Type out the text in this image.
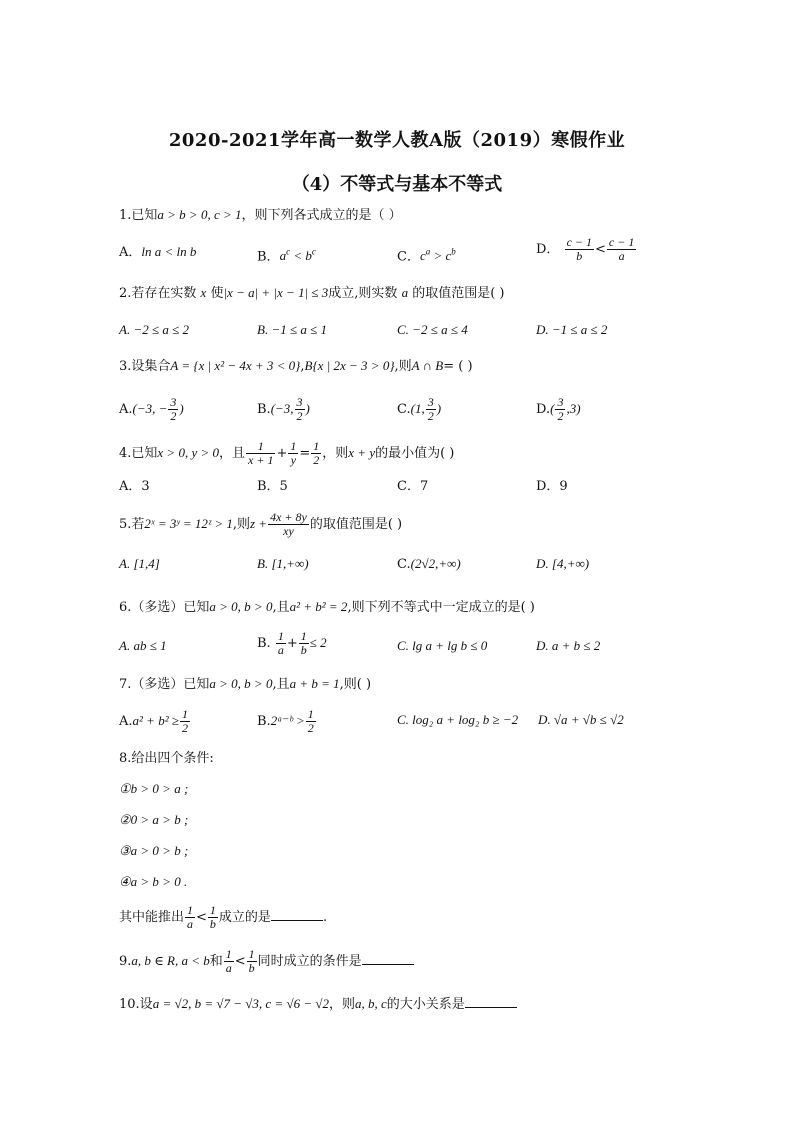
2020-2021学年高一数学人教A版（2019）寒假作业
（4）不等式与基本不等式
1.已知a > b > 0, c > 1，则下列各式成立的是（ ）
A．ln a < ln b	B．$a^c < b^c$	C．$c^a > c^b$	D． $\frac{c - 1}{b} < \frac{c - 1}{a}$
2.若存在实数 x 使|x − a| + |x − 1| ≤ 3成立,则实数 a 的取值范围是( )
A. −2 ≤ a ≤ 2	B. −1 ≤ a ≤ 1	C. −2 ≤ a ≤ 4	D. −1 ≤ a ≤ 2
3.设集合A = {x | x² − 4x + 3 < 0},B{x | 2x − 3 > 0},则A ∩ B= ( )
A.(−3, − $\frac{3}{2}$ )	B.(−3, $\frac{3}{2}$ )	C.(1, $\frac{3}{2}$ )	$D.( \frac{3}{2} ,3)$
4.已知x > 0, y > 0，且 $\frac{1}{x + 1} + \frac{1}{y} = \frac{1}{2}$ ，则x + y的最小值为( )
A．3	B．5	C．7	D．9
5.若2ˣ = 3ʸ = 12ᶻ > 1,则$z + \frac{4x + 8y}{xy}$ 的取值范围是( )
A. [1,4]	B. [1,+∞)	C.(2√2,+∞)	D. [4,+∞)
6.（多选）已知a > 0, b > 0,且a² + b² = 2,则下列不等式中一定成立的是( )
A. ab ≤ 1	B. $\frac{1}{a} + \frac{1}{b} \le 2$	C. lg a + lg b ≤ 0	D. a + b ≤ 2
7.（多选）已知a > 0, b > 0,且a + b = 1,则( )
$A.a^2 + b^2 \ge \frac{1}{2}$	B.2ᵃ⁻ᵇ > $\frac{1}{2}$	C. log₂ a + log₂ b ≥ −2 D. √a + √b ≤ √2
8.给出四个条件:
①b > 0 > a ;
②0 > a > b ;
③a > 0 > b ;
④a > b > 0 .
其中能推出 $\frac{1}{a} < \frac{1}{b}$ 成立的是	.
9.a, b ∈ R, a < b和 $\frac{1}{a} < \frac{1}{b}$ 同时成立的条件是
10.设a = √2, b = √7 − √3, c = √6 − √2，则a, b, c的大小关系是
